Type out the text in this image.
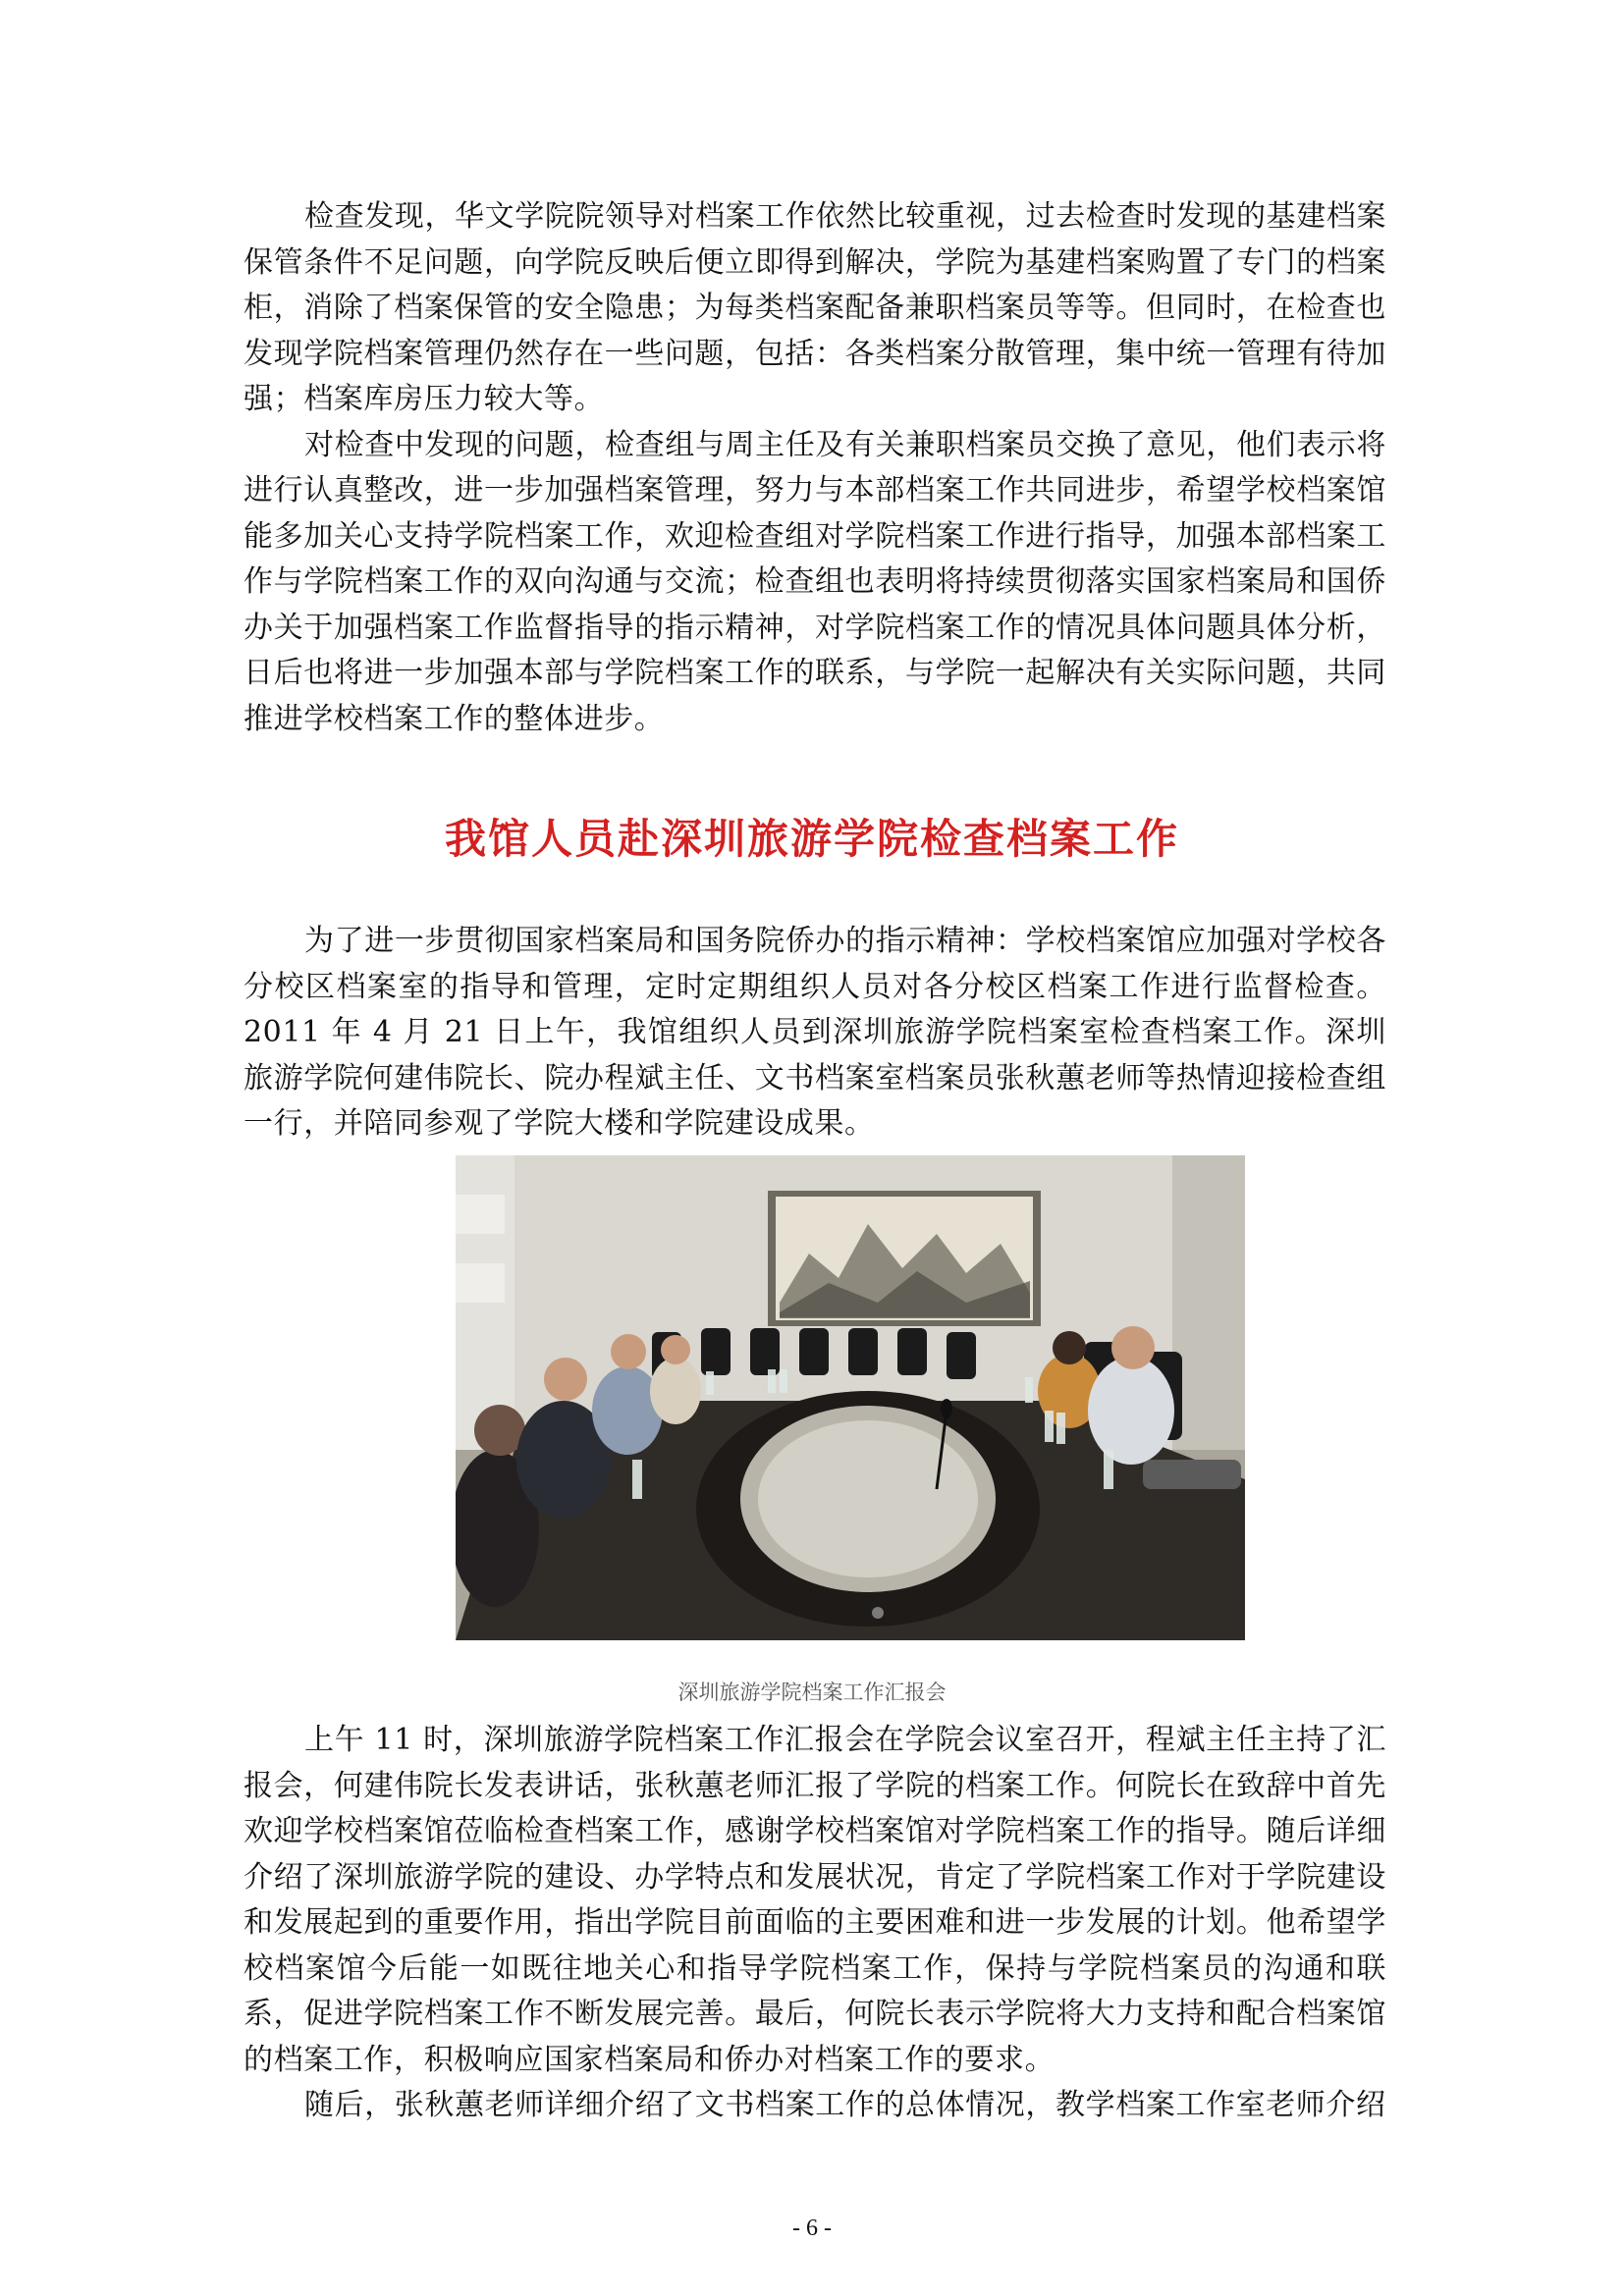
检查发现，华文学院院领导对档案工作依然比较重视，过去检查时发现的基建档案保管条件不足问题，向学院反映后便立即得到解决，学院为基建档案购置了专门的档案柜，消除了档案保管的安全隐患；为每类档案配备兼职档案员等等。但同时，在检查也发现学院档案管理仍然存在一些问题，包括：各类档案分散管理，集中统一管理有待加强；档案库房压力较大等。

对检查中发现的问题，检查组与周主任及有关兼职档案员交换了意见，他们表示将进行认真整改，进一步加强档案管理，努力与本部档案工作共同进步，希望学校档案馆能多加关心支持学院档案工作，欢迎检查组对学院档案工作进行指导，加强本部档案工作与学院档案工作的双向沟通与交流；检查组也表明将持续贯彻落实国家档案局和国侨办关于加强档案工作监督指导的指示精神，对学院档案工作的情况具体问题具体分析，日后也将进一步加强本部与学院档案工作的联系，与学院一起解决有关实际问题，共同推进学校档案工作的整体进步。

我馆人员赴深圳旅游学院检查档案工作

为了进一步贯彻国家档案局和国务院侨办的指示精神：学校档案馆应加强对学校各分校区档案室的指导和管理，定时定期组织人员对各分校区档案工作进行监督检查。2011 年 4 月 21 日上午，我馆组织人员到深圳旅游学院档案室检查档案工作。深圳旅游学院何建伟院长、院办程斌主任、文书档案室档案员张秋蕙老师等热情迎接检查组一行，并陪同参观了学院大楼和学院建设成果。

深圳旅游学院档案工作汇报会

上午 11 时，深圳旅游学院档案工作汇报会在学院会议室召开，程斌主任主持了汇报会，何建伟院长发表讲话，张秋蕙老师汇报了学院的档案工作。何院长在致辞中首先欢迎学校档案馆莅临检查档案工作，感谢学校档案馆对学院档案工作的指导。随后详细介绍了深圳旅游学院的建设、办学特点和发展状况，肯定了学院档案工作对于学院建设和发展起到的重要作用，指出学院目前面临的主要困难和进一步发展的计划。他希望学校档案馆今后能一如既往地关心和指导学院档案工作，保持与学院档案员的沟通和联系，促进学院档案工作不断发展完善。最后，何院长表示学院将大力支持和配合档案馆的档案工作，积极响应国家档案局和侨办对档案工作的要求。

随后，张秋蕙老师详细介绍了文书档案工作的总体情况，教学档案工作室老师介绍

- 6 -
